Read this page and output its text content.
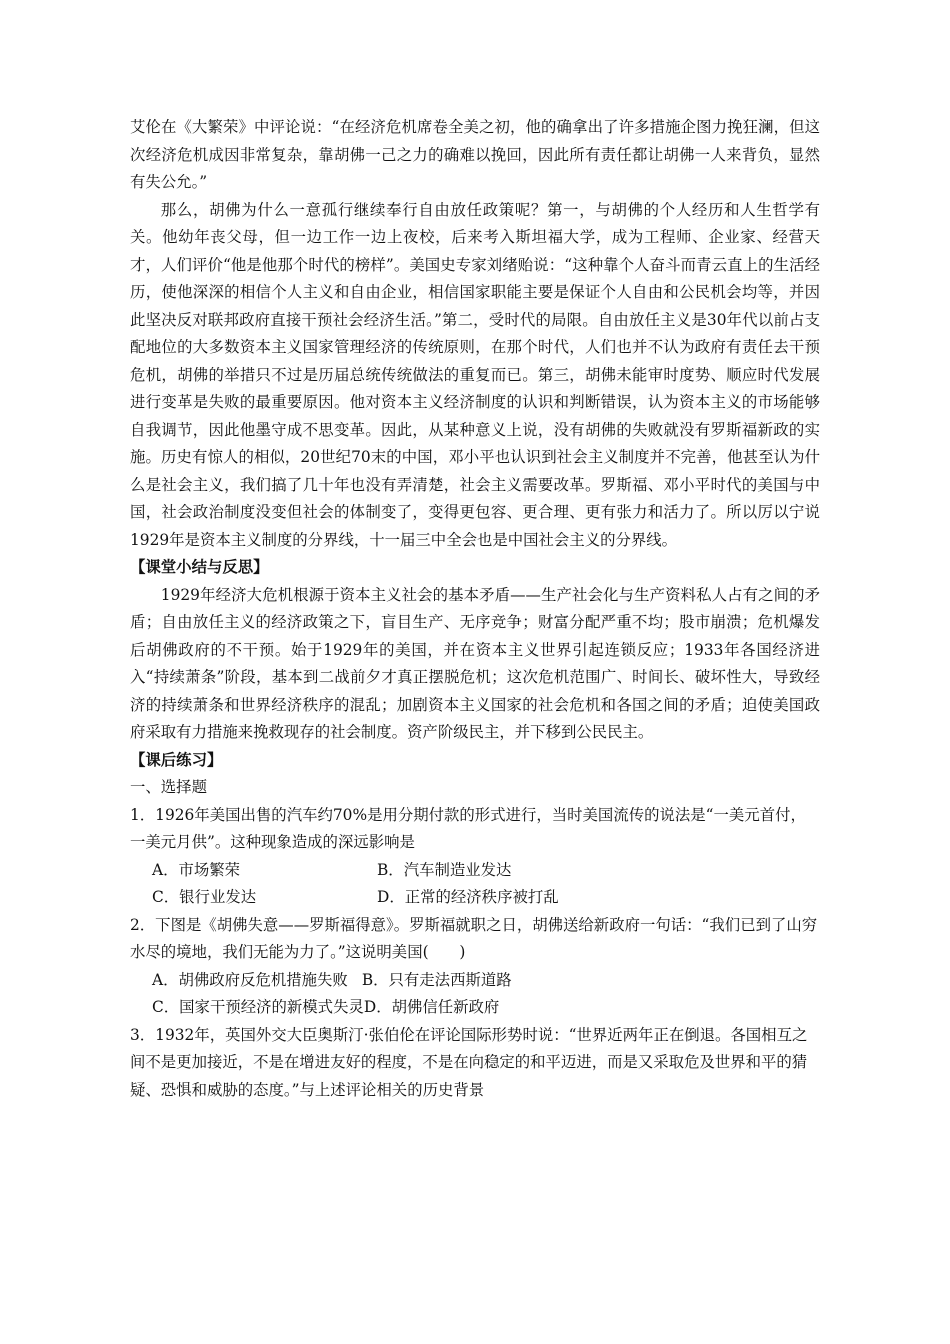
艾伦在《大繁荣》中评论说：“在经济危机席卷全美之初，他的确拿出了许多措施企图力挽狂澜，但这次经济危机成因非常复杂，靠胡佛一己之力的确难以挽回，因此所有责任都让胡佛一人来背负，显然有失公允。”

那么，胡佛为什么一意孤行继续奉行自由放任政策呢？第一，与胡佛的个人经历和人生哲学有关。他幼年丧父母，但一边工作一边上夜校，后来考入斯坦福大学，成为工程师、企业家、经营天才，人们评价“他是他那个时代的榜样”。美国史专家刘绪贻说：“这种靠个人奋斗而青云直上的生活经历，使他深深的相信个人主义和自由企业，相信国家职能主要是保证个人自由和公民机会均等，并因此坚决反对联邦政府直接干预社会经济生活。”第二，受时代的局限。自由放任主义是30年代以前占支配地位的大多数资本主义国家管理经济的传统原则，在那个时代，人们也并不认为政府有责任去干预危机，胡佛的举措只不过是历届总统传统做法的重复而已。第三，胡佛未能审时度势、顺应时代发展进行变革是失败的最重要原因。他对资本主义经济制度的认识和判断错误，认为资本主义的市场能够自我调节，因此他墨守成不思变革。因此，从某种意义上说，没有胡佛的失败就没有罗斯福新政的实施。历史有惊人的相似，20世纪70末的中国，邓小平也认识到社会主义制度并不完善，他甚至认为什么是社会主义，我们搞了几十年也没有弄清楚，社会主义需要改革。罗斯福、邓小平时代的美国与中国，社会政治制度没变但社会的体制变了，变得更包容、更合理、更有张力和活力了。所以厉以宁说1929年是资本主义制度的分界线，十一届三中全会也是中国社会主义的分界线。

【课堂小结与反思】

1929年经济大危机根源于资本主义社会的基本矛盾——生产社会化与生产资料私人占有之间的矛盾；自由放任主义的经济政策之下，盲目生产、无序竞争；财富分配严重不均；股市崩溃；危机爆发后胡佛政府的不干预。始于1929年的美国，并在资本主义世界引起连锁反应；1933年各国经济进入“持续萧条”阶段，基本到二战前夕才真正摆脱危机；这次危机范围广、时间长、破坏性大，导致经济的持续萧条和世界经济秩序的混乱；加剧资本主义国家的社会危机和各国之间的矛盾；迫使美国政府采取有力措施来挽救现存的社会制度。资产阶级民主，并下移到公民民主。

【课后练习】

一、选择题

1．1926年美国出售的汽车约70%是用分期付款的形式进行，当时美国流传的说法是“一美元首付，一美元月供”。这种现象造成的深远影响是

A．市场繁荣	B．汽车制造业发达
C．银行业发达	D．正常的经济秩序被打乱

2．下图是《胡佛失意——罗斯福得意》。罗斯福就职之日，胡佛送给新政府一句话：“我们已到了山穷水尽的境地，我们无能为力了。”这说明美国(　　)

A．胡佛政府反危机措施失败 B．只有走法西斯道路
C．国家干预经济的新模式失灵 D．胡佛信任新政府

3．1932年，英国外交大臣奥斯汀·张伯伦在评论国际形势时说：“世界近两年正在倒退。各国相互之间不是更加接近，不是在增进友好的程度，不是在向稳定的和平迈进，而是又采取危及世界和平的猜疑、恐惧和威胁的态度。”与上述评论相关的历史背景
